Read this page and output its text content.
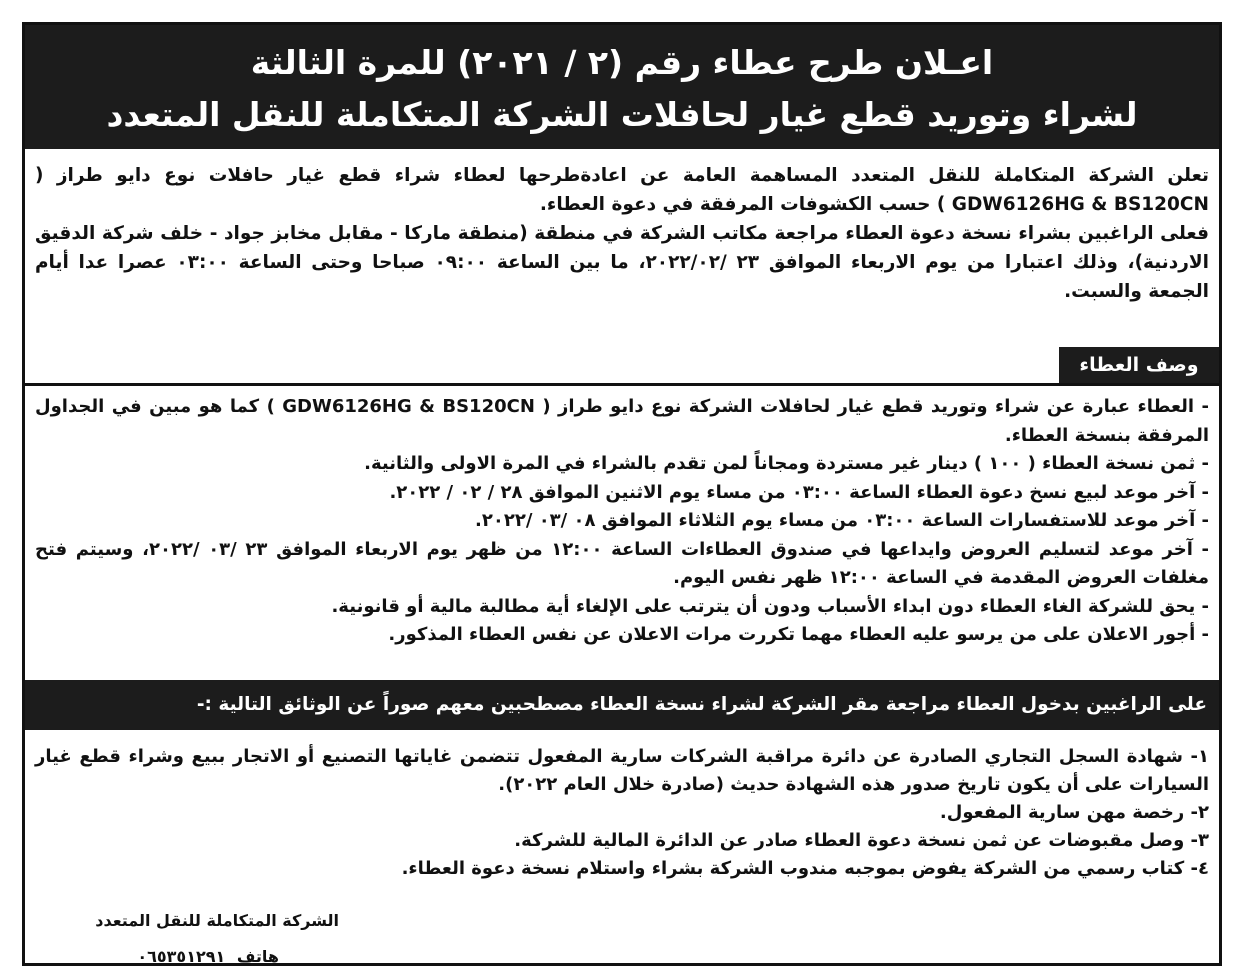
اعـلان طرح عطاء رقم (٢ / ٢٠٢١) للمرة الثالثة
لشراء وتوريد قطع غيار لحافلات الشركة المتكاملة للنقل المتعدد

تعلن الشركة المتكاملة للنقل المتعدد المساهمة العامة عن اعادةطرحها لعطاء شراء قطع غيار حافلات نوع دايو طراز ( GDW6126HG & BS120CN ) حسب الكشوفات المرفقة في دعوة العطاء.

فعلى الراغبين بشراء نسخة دعوة العطاء مراجعة مكاتب الشركة في منطقة (منطقة ماركا - مقابل مخابز جواد - خلف شركة الدقيق الاردنية)، وذلك اعتبارا من يوم الاربعاء الموافق ٢٣ /٢٠٢٢/٠٢، ما بين الساعة ٠٩:٠٠ صباحا وحتى الساعة ٠٣:٠٠ عصرا عدا أيام الجمعة والسبت.

وصف العطاء
- العطاء عبارة عن شراء وتوريد قطع غيار لحافلات الشركة نوع دايو طراز ( GDW6126HG & BS120CN ) كما هو مبين في الجداول المرفقة بنسخة العطاء.
- ثمن نسخة العطاء ( ١٠٠ ) دينار غير مستردة ومجاناً لمن تقدم بالشراء في المرة الاولى والثانية.
- آخر موعد لبيع نسخ دعوة العطاء الساعة ٠٣:٠٠ من مساء يوم الاثنين الموافق ٢٨ / ٠٢ / ٢٠٢٢.
- آخر موعد للاستفسارات الساعة ٠٣:٠٠ من مساء يوم الثلاثاء الموافق ٠٨ /٠٣ /٢٠٢٢.
- آخر موعد لتسليم العروض وايداعها في صندوق العطاءات الساعة ١٢:٠٠ من ظهر يوم الاربعاء الموافق ٢٣ /٠٣ /٢٠٢٢، وسيتم فتح مغلفات العروض المقدمة في الساعة ١٢:٠٠ ظهر نفس اليوم.
- يحق للشركة الغاء العطاء دون ابداء الأسباب ودون أن يترتب على الإلغاء أية مطالبة مالية أو قانونية.
- أجور الاعلان على من يرسو عليه العطاء مهما تكررت مرات الاعلان عن نفس العطاء المذكور.
على الراغبين بدخول العطاء مراجعة مقر الشركة لشراء نسخة العطاء مصطحبين معهم صوراً عن الوثائق التالية :-
١- شهادة السجل التجاري الصادرة عن دائرة مراقبة الشركات سارية المفعول تتضمن غاياتها التصنيع أو الاتجار ببيع وشراء قطع غيار السيارات على أن يكون تاريخ صدور هذه الشهادة حديث (صادرة خلال العام ٢٠٢٢).
٢- رخصة مهن سارية المفعول.
٣- وصل مقبوضات عن ثمن نسخة دعوة العطاء صادر عن الدائرة المالية للشركة.
٤- كتاب رسمي من الشركة يفوض بموجبه مندوب الشركة بشراء واستلام نسخة دعوة العطاء.
الشركة المتكاملة للنقل المتعدد
هاتف ٠٦٥٣٥١٢٩١
